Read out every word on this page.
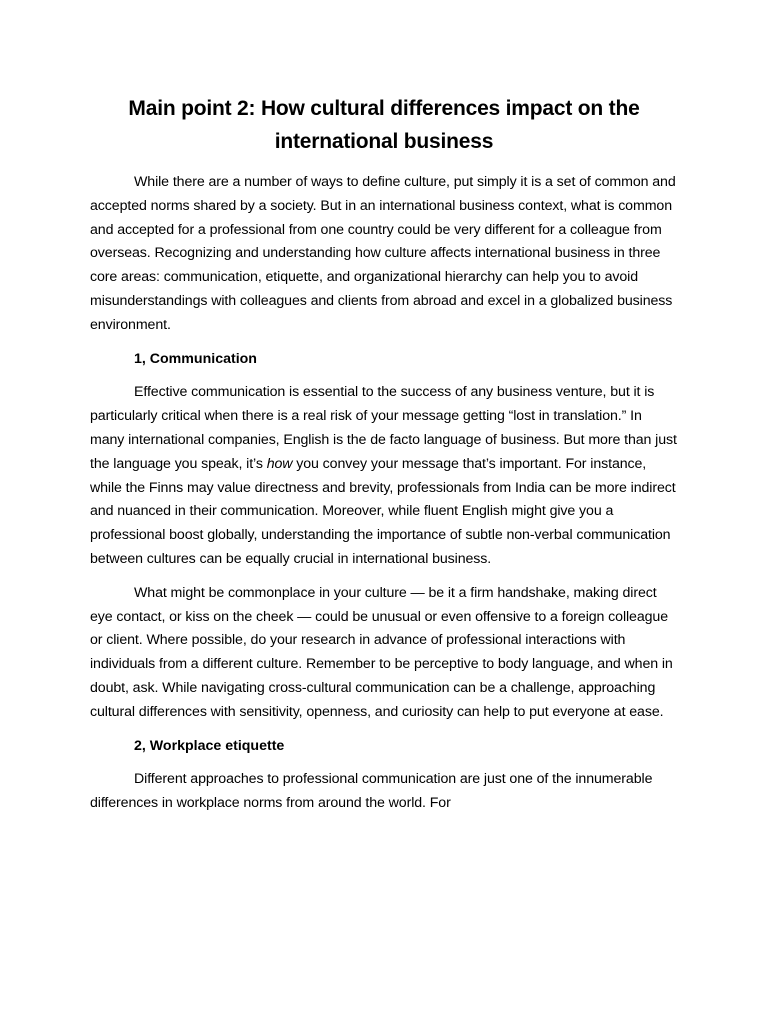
Main point 2: How cultural differences impact on the international business

While there are a number of ways to define culture, put simply it is a set of common and accepted norms shared by a society. But in an international business context, what is common and accepted for a professional from one country could be very different for a colleague from overseas. Recognizing and understanding how culture affects international business in three core areas: communication, etiquette, and organizational hierarchy can help you to avoid misunderstandings with colleagues and clients from abroad and excel in a globalized business environment.

1, Communication

Effective communication is essential to the success of any business venture, but it is particularly critical when there is a real risk of your message getting “lost in translation.” In many international companies, English is the de facto language of business. But more than just the language you speak, it’s how you convey your message that’s important. For instance, while the Finns may value directness and brevity, professionals from India can be more indirect and nuanced in their communication. Moreover, while fluent English might give you a professional boost globally, understanding the importance of subtle non-verbal communication between cultures can be equally crucial in international business.

What might be commonplace in your culture — be it a firm handshake, making direct eye contact, or kiss on the cheek — could be unusual or even offensive to a foreign colleague or client. Where possible, do your research in advance of professional interactions with individuals from a different culture. Remember to be perceptive to body language, and when in doubt, ask. While navigating cross-cultural communication can be a challenge, approaching cultural differences with sensitivity, openness, and curiosity can help to put everyone at ease.

2, Workplace etiquette

Different approaches to professional communication are just one of the innumerable differences in workplace norms from around the world. For
